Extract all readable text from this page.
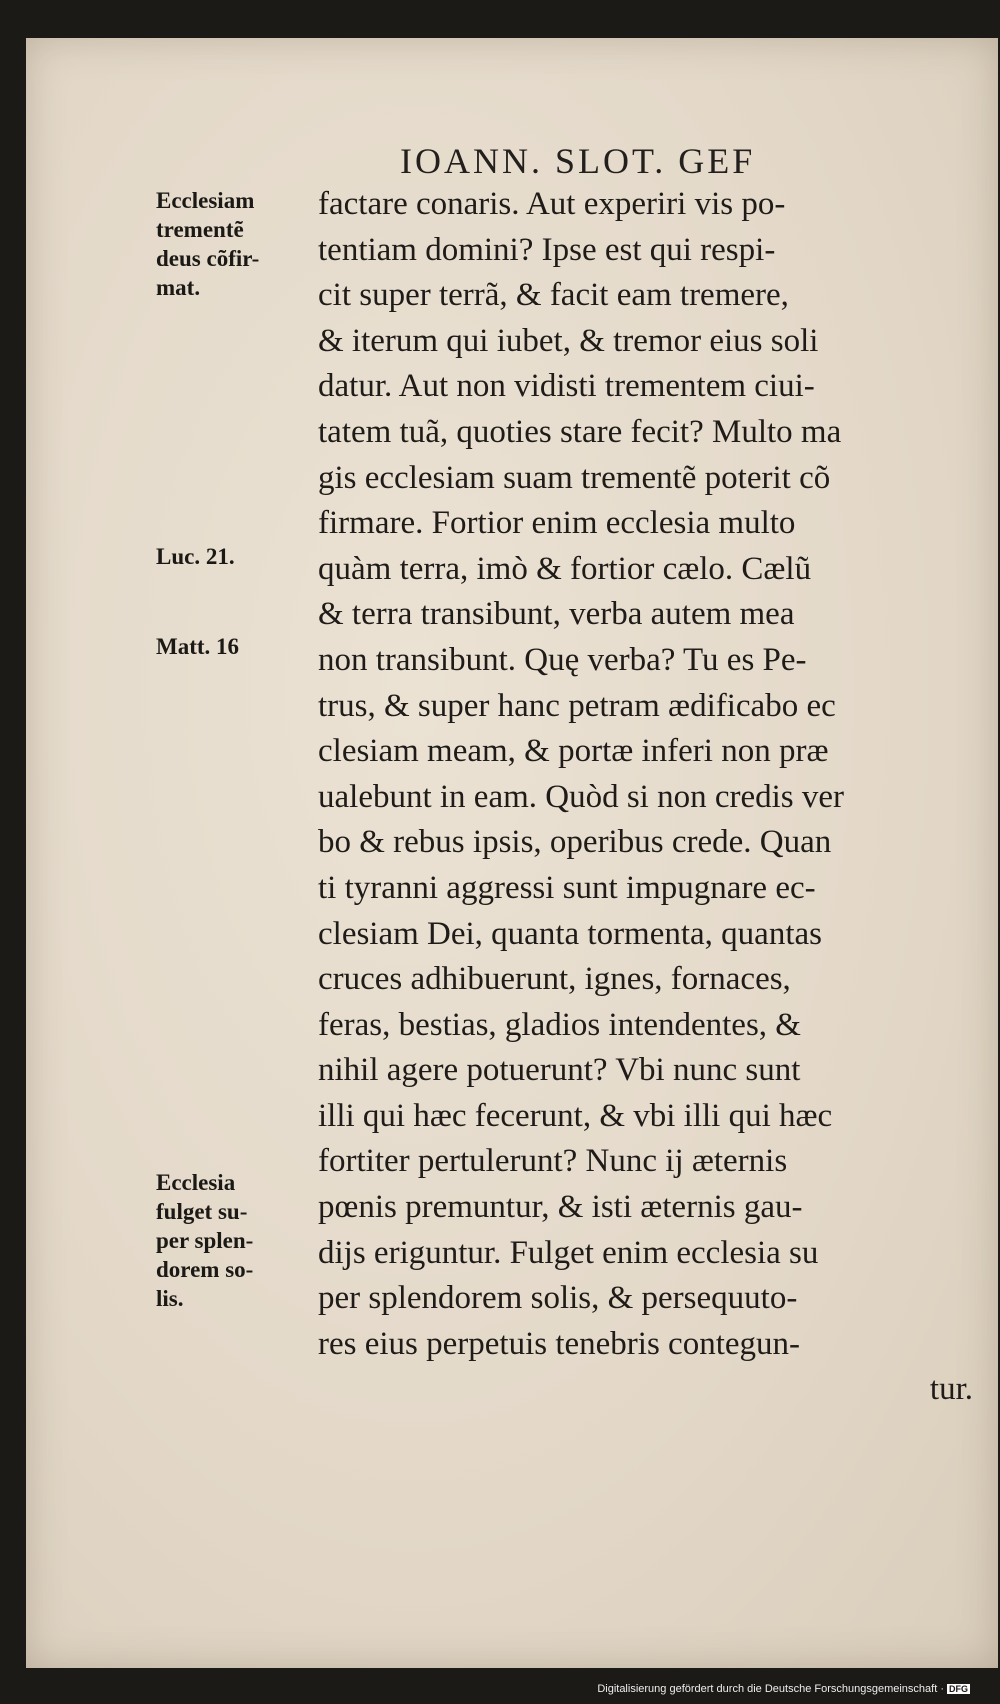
IOANN. SLOT. GEF
factare conaris. Aut experiri vis po-
tentiam domini? Ipse est qui respi-
cit super terrã, & facit eam tremere,
& iterum qui iubet, & tremor eius soli
datur. Aut non vidisti trementem ciui-
tatem tuã, quoties stare fecit? Multo ma
gis ecclesiam suam trementẽ poterit cõ
firmare. Fortior enim ecclesia multo
quàm terra, imò & fortior cælo. Cælũ
& terra transibunt, verba autem mea
non transibunt. Quę verba? Tu es Pe-
trus, & super hanc petram ædificabo ec
clesiam meam, & portæ inferi non præ
ualebunt in eam. Quòd si non credis ver
bo & rebus ipsis, operibus crede. Quan
ti tyranni aggressi sunt impugnare ec-
clesiam Dei, quanta tormenta, quantas
cruces adhibuerunt, ignes, fornaces,
feras, bestias, gladios intendentes, &
nihil agere potuerunt? Vbi nunc sunt
illi qui hæc fecerunt, & vbi illi qui hæc
fortiter pertulerunt? Nunc ij æternis
pœnis premuntur, & isti æternis gau-
dijs eriguntur. Fulget enim ecclesia su
per splendorem solis, & persequuto-
res eius perpetuis tenebris contegun-
tur.
Ecclesiam
trementẽ
deus cõfir-
mat.
Luc. 21.
Matt. 16
Ecclesia
fulget su-
per splen-
dorem so-
lis.
Digitalisierung gefördert durch die Deutsche Forschungsgemeinschaft · DFG
